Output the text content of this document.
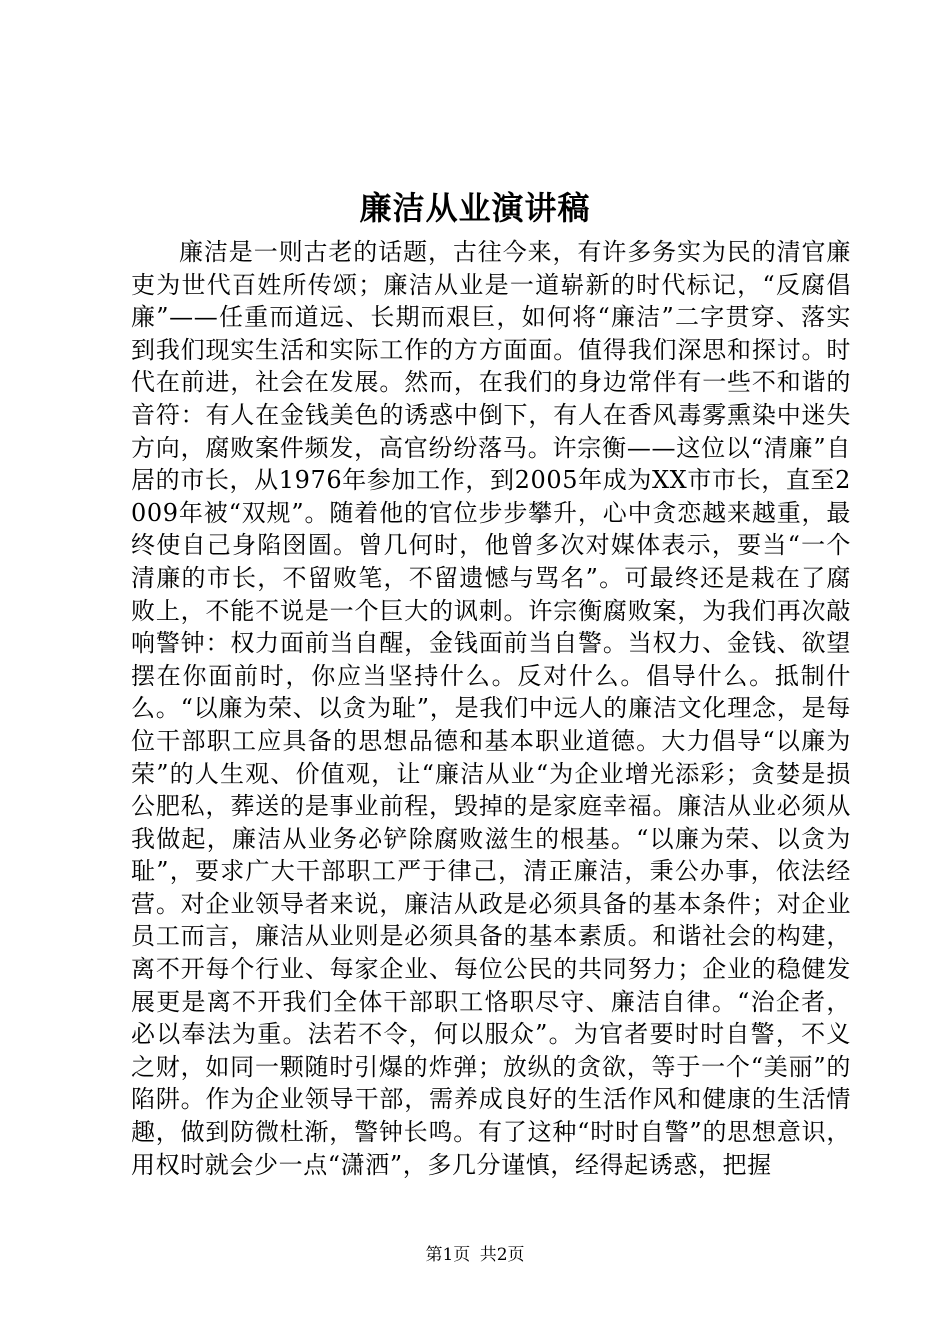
廉洁从业演讲稿

廉洁是一则古老的话题，古往今来，有许多务实为民的清官廉吏为世代百姓所传颂；廉洁从业是一道崭新的时代标记，“反腐倡廉”——任重而道远、长期而艰巨，如何将“廉洁”二字贯穿、落实到我们现实生活和实际工作的方方面面。值得我们深思和探讨。时代在前进，社会在发展。然而，在我们的身边常伴有一些不和谐的音符：有人在金钱美色的诱惑中倒下，有人在香风毒雾熏染中迷失方向，腐败案件频发，高官纷纷落马。许宗衡——这位以“清廉”自居的市长，从1976年参加工作，到2005年成为XX市市长，直至2009年被“双规”。随着他的官位步步攀升，心中贪恋越来越重，最终使自己身陷囹圄。曾几何时，他曾多次对媒体表示，要当“一个清廉的市长，不留败笔，不留遗憾与骂名”。可最终还是栽在了腐败上，不能不说是一个巨大的讽刺。许宗衡腐败案，为我们再次敲响警钟：权力面前当自醒，金钱面前当自警。当权力、金钱、欲望摆在你面前时，你应当坚持什么。反对什么。倡导什么。抵制什么。“以廉为荣、以贪为耻”，是我们中远人的廉洁文化理念，是每位干部职工应具备的思想品德和基本职业道德。大力倡导“以廉为荣”的人生观、价值观，让“廉洁从业“为企业增光添彩；贪婪是损公肥私，葬送的是事业前程，毁掉的是家庭幸福。廉洁从业必须从我做起，廉洁从业务必铲除腐败滋生的根基。“以廉为荣、以贪为耻”，要求广大干部职工严于律己，清正廉洁，秉公办事，依法经营。对企业领导者来说，廉洁从政是必须具备的基本条件；对企业员工而言，廉洁从业则是必须具备的基本素质。和谐社会的构建，离不开每个行业、每家企业、每位公民的共同努力；企业的稳健发展更是离不开我们全体干部职工恪职尽守、廉洁自律。“治企者，必以奉法为重。法若不令，何以服众”。为官者要时时自警，不义之财，如同一颗随时引爆的炸弹；放纵的贪欲，等于一个“美丽”的陷阱。作为企业领导干部，需养成良好的生活作风和健康的生活情趣，做到防微杜渐，警钟长鸣。有了这种“时时自警”的思想意识，用权时就会少一点“潇洒”，多几分谨慎，经得起诱惑，把握

第1页 共2页
